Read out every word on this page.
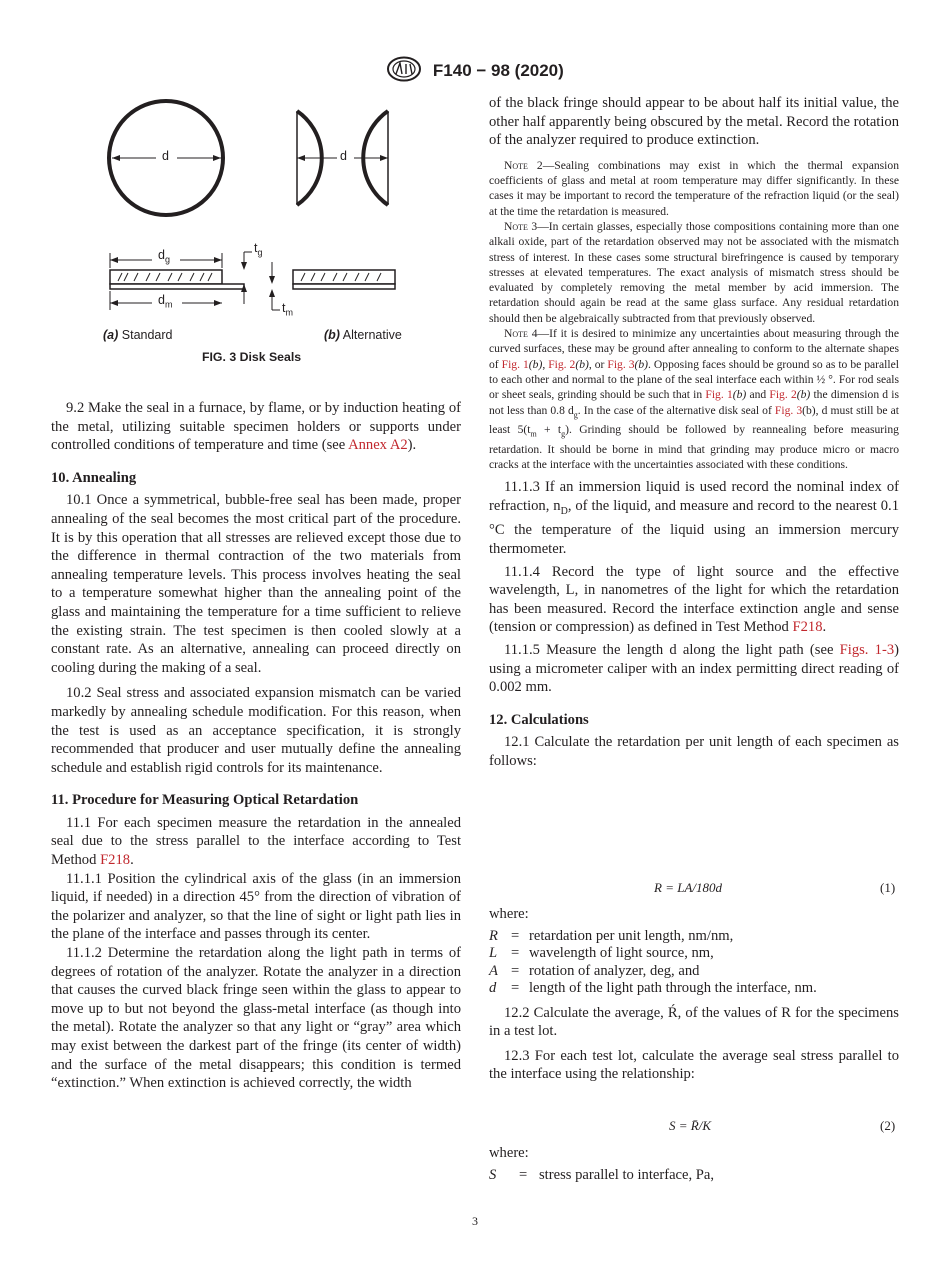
F140 − 98 (2020)
d	d
$d_g$
$d_m$
$t_g$
$t_m$
(a) Standard	(b) Alternative
FIG. 3 Disk Seals

9.2 Make the seal in a furnace, by flame, or by induction heating of the metal, utilizing suitable specimen holders or supports under controlled conditions of temperature and time (see Annex A2).

10. Annealing

10.1 Once a symmetrical, bubble-free seal has been made, proper annealing of the seal becomes the most critical part of the procedure. It is by this operation that all stresses are relieved except those due to the difference in thermal contraction of the two materials from annealing temperature levels. This process involves heating the seal to a temperature somewhat higher than the annealing point of the glass and maintaining the temperature for a time sufficient to relieve the existing strain. The test specimen is then cooled slowly at a constant rate. As an alternative, annealing can proceed directly on cooling during the making of a seal.

10.2 Seal stress and associated expansion mismatch can be varied markedly by annealing schedule modification. For this reason, when the test is used as an acceptance specification, it is strongly recommended that producer and user mutually define the annealing schedule and establish rigid controls for its maintenance.

11. Procedure for Measuring Optical Retardation

11.1 For each specimen measure the retardation in the annealed seal due to the stress parallel to the interface according to Test Method F218.

11.1.1 Position the cylindrical axis of the glass (in an immersion liquid, if needed) in a direction 45° from the direction of vibration of the polarizer and analyzer, so that the line of sight or light path lies in the plane of the interface and passes through its center.

11.1.2 Determine the retardation along the light path in terms of degrees of rotation of the analyzer. Rotate the analyzer in a direction that causes the curved black fringe seen within the glass to appear to move up to but not beyond the glass-metal interface (as though into the metal). Rotate the analyzer so that any light or “gray” area which may exist between the darkest part of the fringe (its center of width) and the surface of the metal disappears; this condition is termed “extinction.” When extinction is achieved correctly, the width

of the black fringe should appear to be about half its initial value, the other half apparently being obscured by the metal. Record the rotation of the analyzer required to produce extinction.

Note 2—Sealing combinations may exist in which the thermal expansion coefficients of glass and metal at room temperature may differ significantly. In these cases it may be important to record the temperature of the refraction liquid (or the seal) at the time the retardation is measured.

Note 3—In certain glasses, especially those compositions containing more than one alkali oxide, part of the retardation observed may not be associated with the mismatch stress of interest. In these cases some structural birefringence is caused by temporary stresses at elevated temperatures. The exact analysis of mismatch stress should be evaluated by completely removing the metal member by acid immersion. The retardation should again be read at the same glass surface. Any residual retardation should then be algebraically subtracted from that previously observed.

Note 4—If it is desired to minimize any uncertainties about measuring through the curved surfaces, these may be ground after annealing to conform to the alternate shapes of Fig. 1(b), Fig. 2(b), or Fig. 3(b). Opposing faces should be ground so as to be parallel to each other and normal to the plane of the seal interface each within ½ °. For rod seals or sheet seals, grinding should be such that in Fig. 1(b) and Fig. 2(b) the dimension d is not less than 0.8 $d_g$. In the case of the alternative disk seal of Fig. 3(b), d must still be at least $5(t_m + t_g)$. Grinding should be followed by reannealing before measuring retardation. It should be borne in mind that grinding may produce micro or macro cracks at the interface with the uncertainties associated with these conditions.

11.1.3 If an immersion liquid is used record the nominal index of refraction, $n_D$, of the liquid, and measure and record to the nearest 0.1 °C the temperature of the liquid using an immersion mercury thermometer.

11.1.4 Record the type of light source and the effective wavelength, L, in nanometres of the light for which the retardation has been measured. Record the interface extinction angle and sense (tension or compression) as defined in Test Method F218.

11.1.5 Measure the length d along the light path (see Figs. 1-3) using a micrometer caliper with an index permitting direct reading of 0.002 mm.

12. Calculations

12.1 Calculate the retardation per unit length of each specimen as follows:

R = LA/180d	(1)

where:

R = retardation per unit length, nm/nm,
L = wavelength of light source, nm,
A = rotation of analyzer, deg, and
d = length of the light path through the interface, nm.

12.2 Calculate the average, Ŕ, of the values of R for the specimens in a test lot.

12.3 For each test lot, calculate the average seal stress parallel to the interface using the relationship:

S = R̄/K	(2)

where:

S = stress parallel to interface, Pa,
3
